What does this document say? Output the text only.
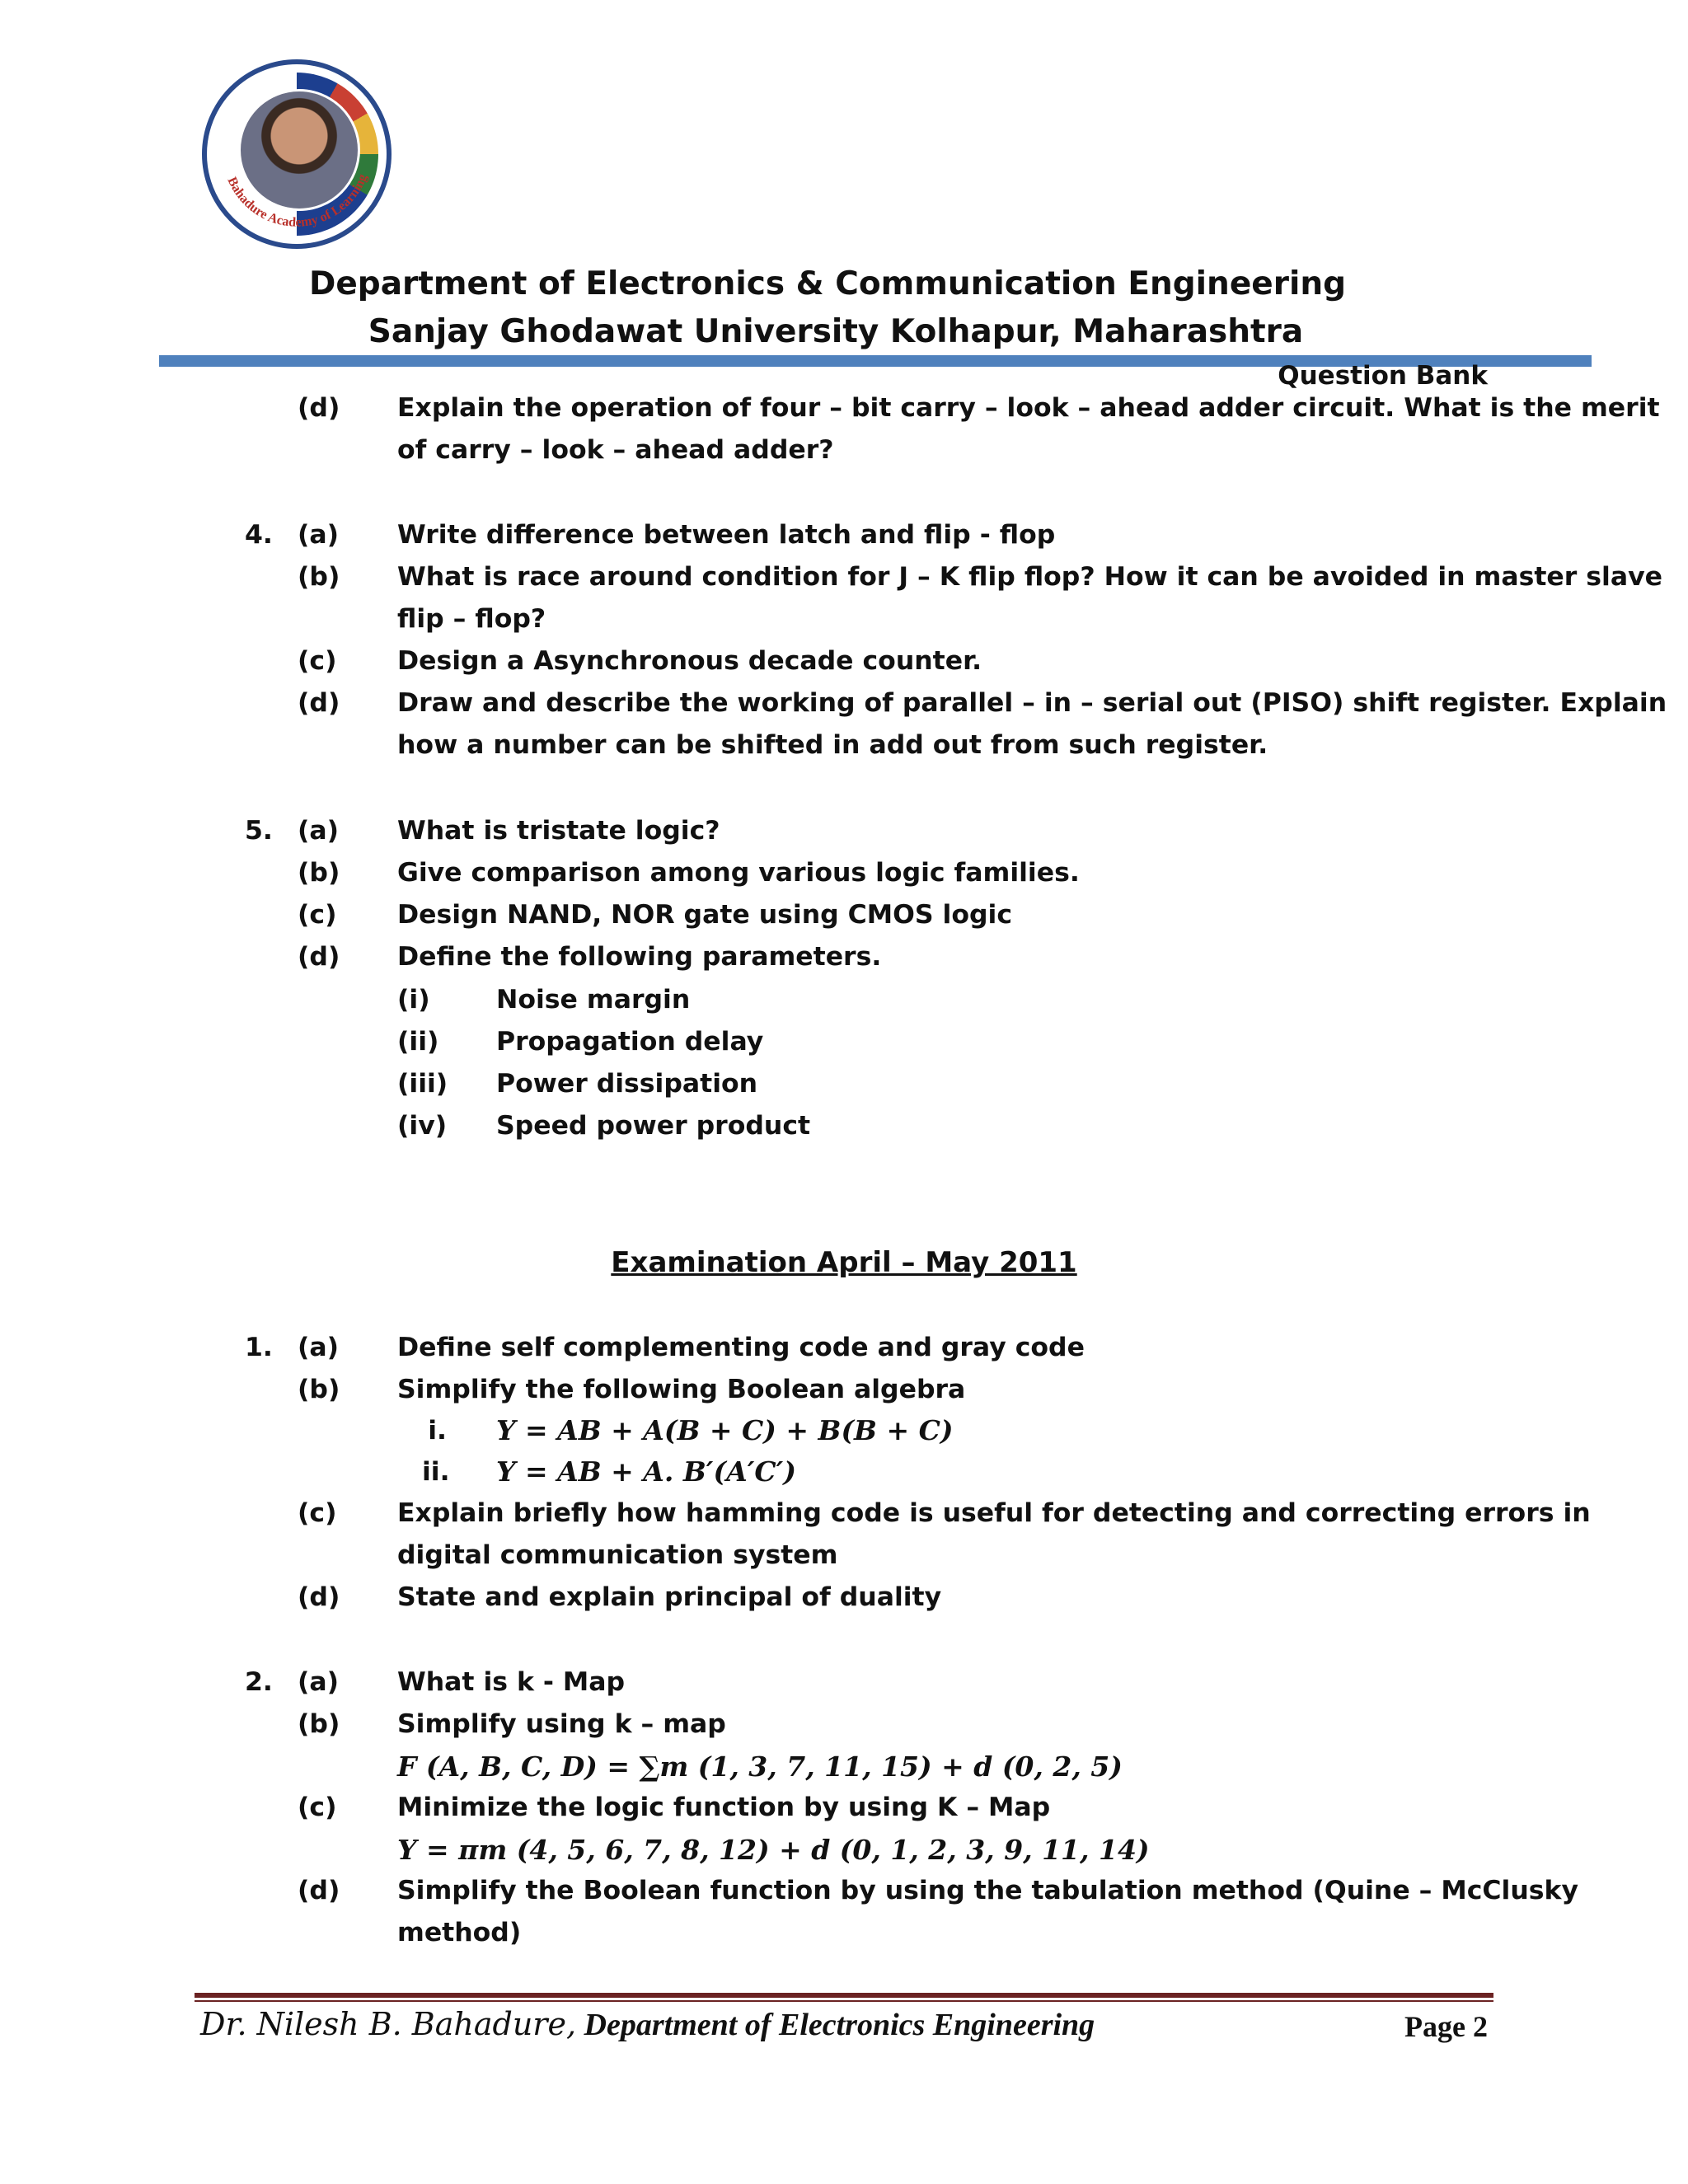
Bahadure Academy of Learning
Department of Electronics & Communication Engineering
Sanjay Ghodawat University Kolhapur, Maharashtra
Question Bank
(d) Explain the operation of four – bit carry – look – ahead adder circuit. What is the merit
of carry – look – ahead adder?
4. (a) Write difference between latch and flip - flop
(b) What is race around condition for J – K flip flop? How it can be avoided in master slave
flip – flop?
(c) Design a Asynchronous decade counter.
(d) Draw and describe the working of parallel – in – serial out (PISO) shift register. Explain
how a number can be shifted in add out from such register.
5. (a) What is tristate logic?
(b) Give comparison among various logic families.
(c) Design NAND, NOR gate using CMOS logic
(d) Define the following parameters.
(i)	Noise margin
(ii) Propagation delay
(iii) Power dissipation
(iv) Speed power product
Examination April – May 2011
1. (a) Define self complementing code and gray code
(b) Simplify the following Boolean algebra
i. Y = AB + A(B + C) + B(B + C)
ii. Y = AB + A. B′(A′C′)
(c) Explain briefly how hamming code is useful for detecting and correcting errors in
digital communication system
(d) State and explain principal of duality
2. (a) What is k - Map
(b) Simplify using k – map
F (A, B, C, D) = ∑m (1, 3, 7, 11, 15) + d (0, 2, 5)
(c) Minimize the logic function by using K – Map
Y = πm (4, 5, 6, 7, 8, 12) + d (0, 1, 2, 3, 9, 11, 14)
(d) Simplify the Boolean function by using the tabulation method (Quine – McClusky
method)
Dr. Nilesh B. Bahadure, Department of Electronics Engineering	Page 2
